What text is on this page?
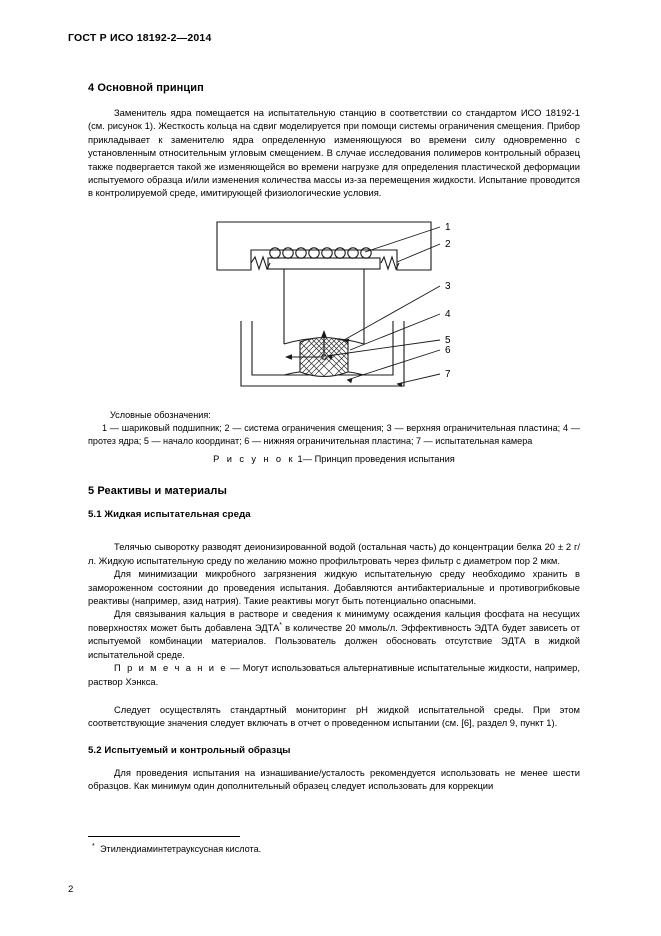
ГОСТ Р ИСО 18192-2—2014
4 Основной принцип

Заменитель ядра помещается на испытательную станцию в соответствии со стандартом ИСО 18192-1 (см. рисунок 1). Жесткость кольца на сдвиг моделируется при помощи системы ограничения смещения. Прибор прикладывает к заменителю ядра определенную изменяющуюся во времени силу одновременно с установленным относительным угловым смещением. В случае исследования полимеров контрольный образец также подвергается такой же изменяющейся во времени нагрузке для определения пластической деформации испытуемого образца и/или изменения количества массы из-за перемещения жидкости. Испытание проводится в контролируемой среде, имитирующей физиологические условия.

1
2
3
4
5
6
7

Условные обозначения:

1 — шариковый подшипник; 2 — система ограничения смещения; 3 — верхняя ограничительная пластина; 4 — протез ядра; 5 — начало координат; 6 — нижняя ограничительная пластина; 7 — испытательная камера

Р и с у н о к 1— Принцип проведения испытания
5 Реактивы и материалы
5.1 Жидкая испытательная среда

Телячью сыворотку разводят деионизированной водой (остальная часть) до концентрации белка 20 ± 2 г/л. Жидкую испытательную среду по желанию можно профильтровать через фильтр с диаметром пор 2 мкм.

Для минимизации микробного загрязнения жидкую испытательную среду необходимо хранить в замороженном состоянии до проведения испытания. Добавляются антибактериальные и противогрибковые реактивы (например, азид натрия). Такие реактивы могут быть потенциально опасными.

Для связывания кальция в растворе и сведения к минимуму осаждения кальция фосфата на несущих поверхностях может быть добавлена ЭДТА* в количестве 20 ммоль/л. Эффективность ЭДТА будет зависеть от испытуемой комбинации материалов. Пользователь должен обосновать отсутствие ЭДТА в жидкой испытательной среде.

П р и м е ч а н и е — Могут использоваться альтернативные испытательные жидкости, например, раствор Хэнкса.

Следует осуществлять стандартный мониторинг рН жидкой испытательной среды. При этом соответствующие значения следует включать в отчет о проведенном испытании (см. [6], раздел 9, пункт 1).

5.2 Испытуемый и контрольный образцы

Для проведения испытания на изнашивание/усталость рекомендуется использовать не менее шести образцов. Как минимум один дополнительный образец следует использовать для коррекции

* Этилендиаминтетрауксусная кислота.

2
